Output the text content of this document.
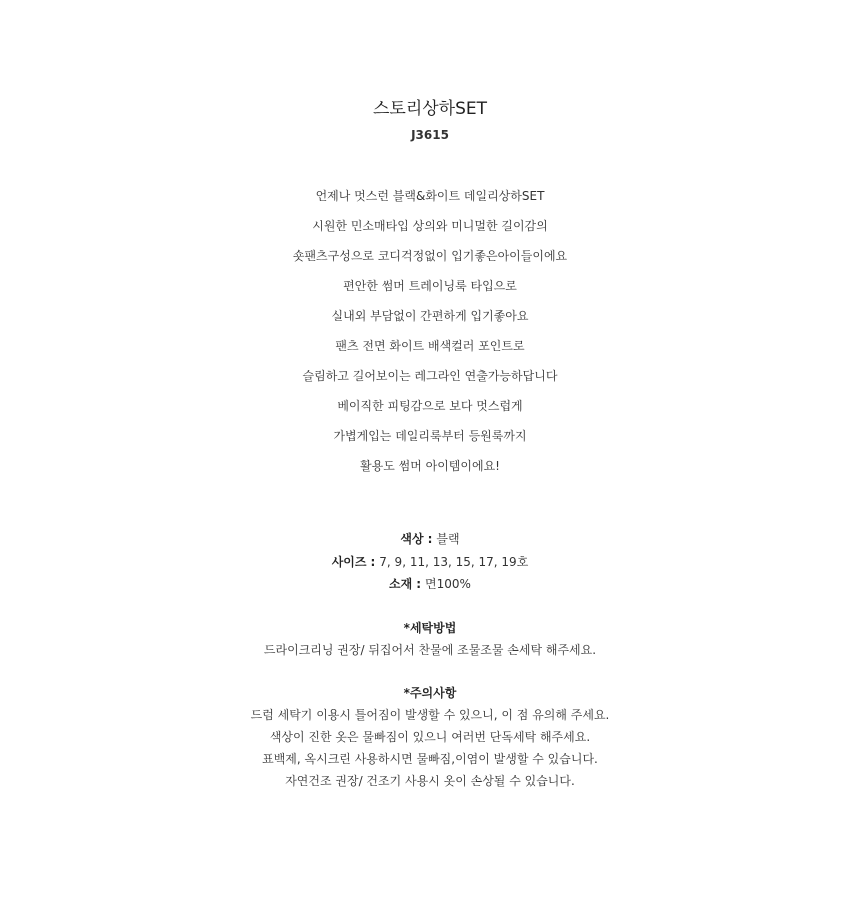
스토리상하SET
J3615
언제나 멋스런 블랙&화이트 데일리상하SET
시원한 민소매타입 상의와 미니멀한 길이감의
숏팬츠구성으로 코디걱정없이 입기좋은아이들이에요
편안한 썸머 트레이닝룩 타입으로
실내외 부담없이 간편하게 입기좋아요
팬츠 전면 화이트 배색컬러 포인트로
슬림하고 길어보이는 레그라인 연출가능하답니다
베이직한 피팅감으로 보다 멋스럽게
가볍게입는 데일리룩부터 등원룩까지
활용도 썸머 아이템이에요!
색상 : 블랙
사이즈 : 7, 9, 11, 13, 15, 17, 19호
소재 : 면100%
*세탁방법
드라이크리닝 권장/ 뒤집어서 찬물에 조물조물 손세탁 해주세요.
*주의사항
드럼 세탁기 이용시 틀어짐이 발생할 수 있으니, 이 점 유의해 주세요.
색상이 진한 옷은 물빠짐이 있으니 여러번 단독세탁 해주세요.
표백제, 옥시크린 사용하시면 물빠짐,이염이 발생할 수 있습니다.
자연건조 권장/ 건조기 사용시 옷이 손상될 수 있습니다.
